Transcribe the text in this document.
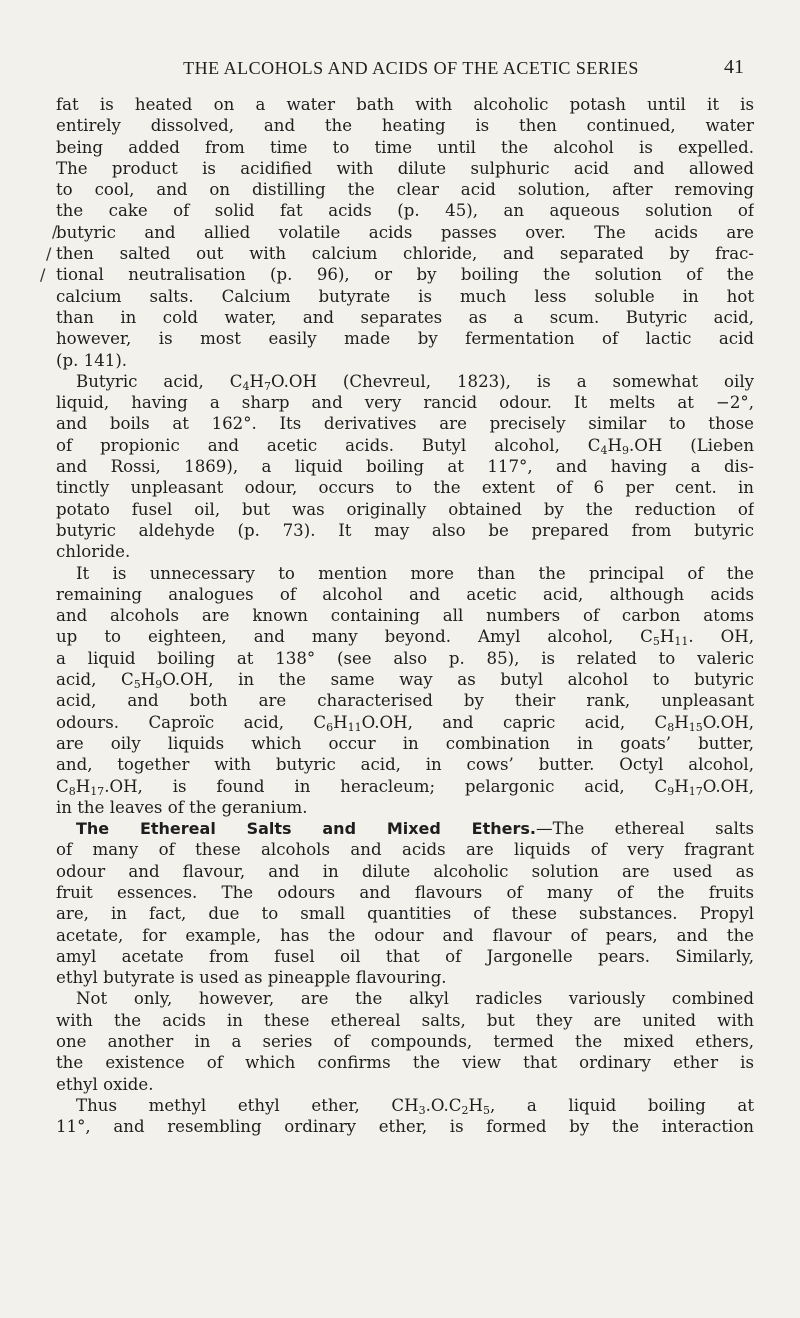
THE ALCOHOLS AND ACIDS OF THE ACETIC SERIES	41
/
/
/
fat is heated on a water bath with alcoholic potash until it is
entirely dissolved, and the heating is then continued, water
being added from time to time until the alcohol is expelled.
The product is acidified with dilute sulphuric acid and allowed
to cool, and on distilling the clear acid solution, after removing
the cake of solid fat acids (p. 45), an aqueous solution of
butyric and allied volatile acids passes over. The acids are
then salted out with calcium chloride, and separated by frac-
tional neutralisation (p. 96), or by boiling the solution of the
calcium salts. Calcium butyrate is much less soluble in hot
than in cold water, and separates as a scum. Butyric acid,
however, is most easily made by fermentation of lactic acid
(p. 141).
Butyric acid, $C_4H_7O.OH$ (Chevreul, 1823), is a somewhat oily
liquid, having a sharp and very rancid odour. It melts at −2°,
and boils at 162°. Its derivatives are precisely similar to those
of propionic and acetic acids. Butyl alcohol, $C_4H_9.OH$ (Lieben
and Rossi, 1869), a liquid boiling at 117°, and having a dis-
tinctly unpleasant odour, occurs to the extent of 6 per cent. in
potato fusel oil, but was originally obtained by the reduction of
butyric aldehyde (p. 73). It may also be prepared from butyric
chloride.
It is unnecessary to mention more than the principal of the
remaining analogues of alcohol and acetic acid, although acids
and alcohols are known containing all numbers of carbon atoms
up to eighteen, and many beyond. Amyl alcohol, $C_5H_{11}$. OH,
a liquid boiling at 138° (see also p. 85), is related to valeric
acid, $C_5H_9O.OH$, in the same way as butyl alcohol to butyric
acid, and both are characterised by their rank, unpleasant
odours. Caproïc acid, $C_6H_{11}O.OH$, and capric acid, $C_8H_{15}O.OH$,
are oily liquids which occur in combination in goats’ butter,
and, together with butyric acid, in cows’ butter. Octyl alcohol,
$C_8H_{17}.OH$, is found in heracleum; pelargonic acid, $C_9H_{17}O.OH$,
in the leaves of the geranium.
The Ethereal Salts and Mixed Ethers.—The ethereal salts
of many of these alcohols and acids are liquids of very fragrant
odour and flavour, and in dilute alcoholic solution are used as
fruit essences. The odours and flavours of many of the fruits
are, in fact, due to small quantities of these substances. Propyl
acetate, for example, has the odour and flavour of pears, and the
amyl acetate from fusel oil that of Jargonelle pears. Similarly,
ethyl butyrate is used as pineapple flavouring.
Not only, however, are the alkyl radicles variously combined
with the acids in these ethereal salts, but they are united with
one another in a series of compounds, termed the mixed ethers,
the existence of which confirms the view that ordinary ether is
ethyl oxide.
Thus methyl ethyl ether, $CH_3.O.C_2H_5$, a liquid boiling at
11°, and resembling ordinary ether, is formed by the interaction
